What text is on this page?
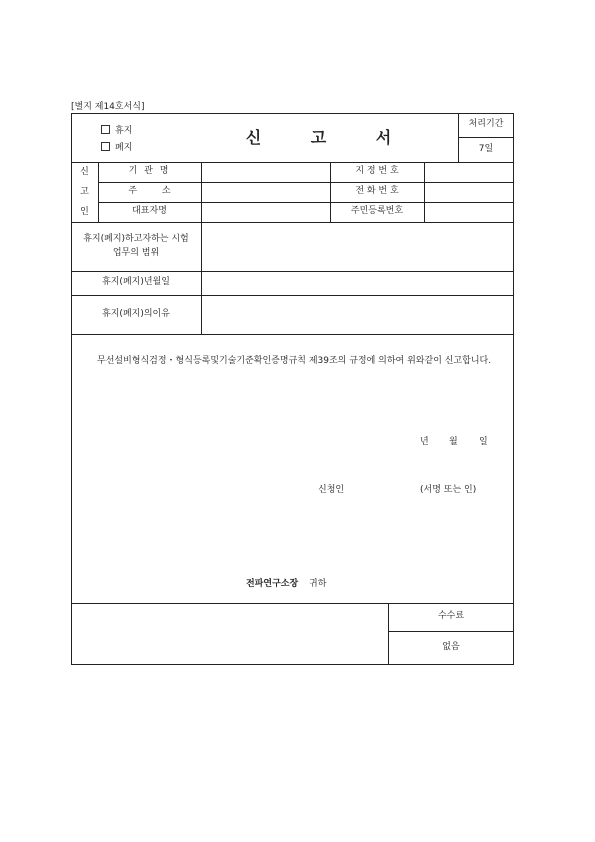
[별지 제14호서식]
휴지
폐지
신 고 서
처리기간
7일
신
고
인
기 관 명	지 정 번 호
주 소	전 화 번 호
대표자명	주민등록번호
휴지(폐지)하고자하는 시험
업무의 범위
휴지(폐지)년월일
휴지(폐지)의이유
무선설비형식검정・형식등록및기술기준확인증명규칙 제39조의 규정에 의하여 위와같이 신고합니다.
년 월 일
신청인	(서명 또는 인)
전파연구소장 귀하
수수료
없음
